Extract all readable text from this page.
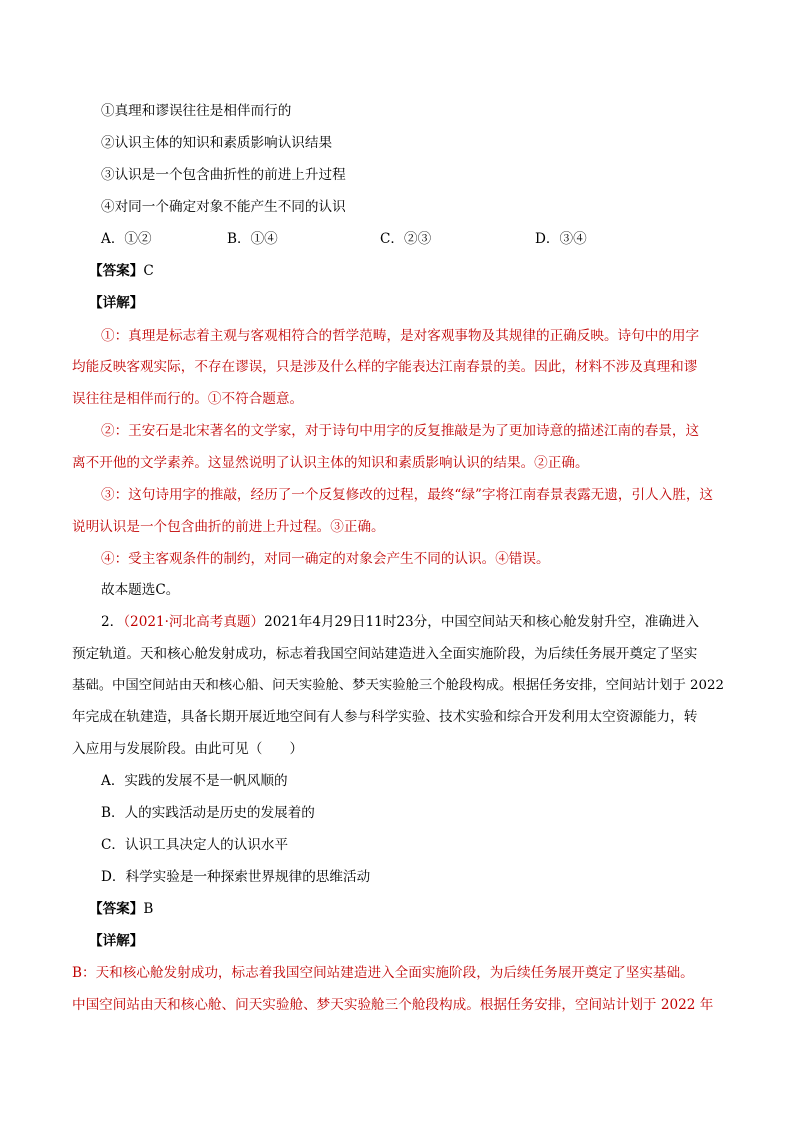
①真理和谬误往往是相伴而行的
②认识主体的知识和素质影响认识结果
③认识是一个包含曲折性的前进上升过程
④对同一个确定对象不能产生不同的认识
A．①②	B．①④	C．②③	D．③④
【答案】C
【详解】
①：真理是标志着主观与客观相符合的哲学范畴，是对客观事物及其规律的正确反映。诗句中的用字
均能反映客观实际，不存在谬误，只是涉及什么样的字能表达江南春景的美。因此，材料不涉及真理和谬
误往往是相伴而行的。①不符合题意。
②：王安石是北宋著名的文学家，对于诗句中用字的反复推敲是为了更加诗意的描述江南的春景，这
离不开他的文学素养。这显然说明了认识主体的知识和素质影响认识的结果。②正确。
③：这句诗用字的推敲，经历了一个反复修改的过程，最终“绿”字将江南春景表露无遗，引人入胜，这
说明认识是一个包含曲折的前进上升过程。③正确。
④：受主客观条件的制约，对同一确定的对象会产生不同的认识。④错误。
故本题选C。
2．（2021·河北高考真题）2021年4月29日11时23分，中国空间站天和核心舱发射升空，准确进入
预定轨道。天和核心舱发射成功，标志着我国空间站建造进入全面实施阶段，为后续任务展开奠定了坚实
基础。中国空间站由天和核心船、问天实验舱、梦天实验舱三个舱段构成。根据任务安排，空间站计划于 2022
年完成在轨建造，具备长期开展近地空间有人参与科学实验、技术实验和综合开发利用太空资源能力，转
入应用与发展阶段。由此可见（　　）
A．实践的发展不是一帆风顺的
B．人的实践活动是历史的发展着的
C．认识工具决定人的认识水平
D．科学实验是一种探索世界规律的思维活动
【答案】B
【详解】
B：天和核心舱发射成功，标志着我国空间站建造进入全面实施阶段，为后续任务展开奠定了坚实基础。
中国空间站由天和核心舱、问天实验舱、梦天实验舱三个舱段构成。根据任务安排，空间站计划于 2022 年
